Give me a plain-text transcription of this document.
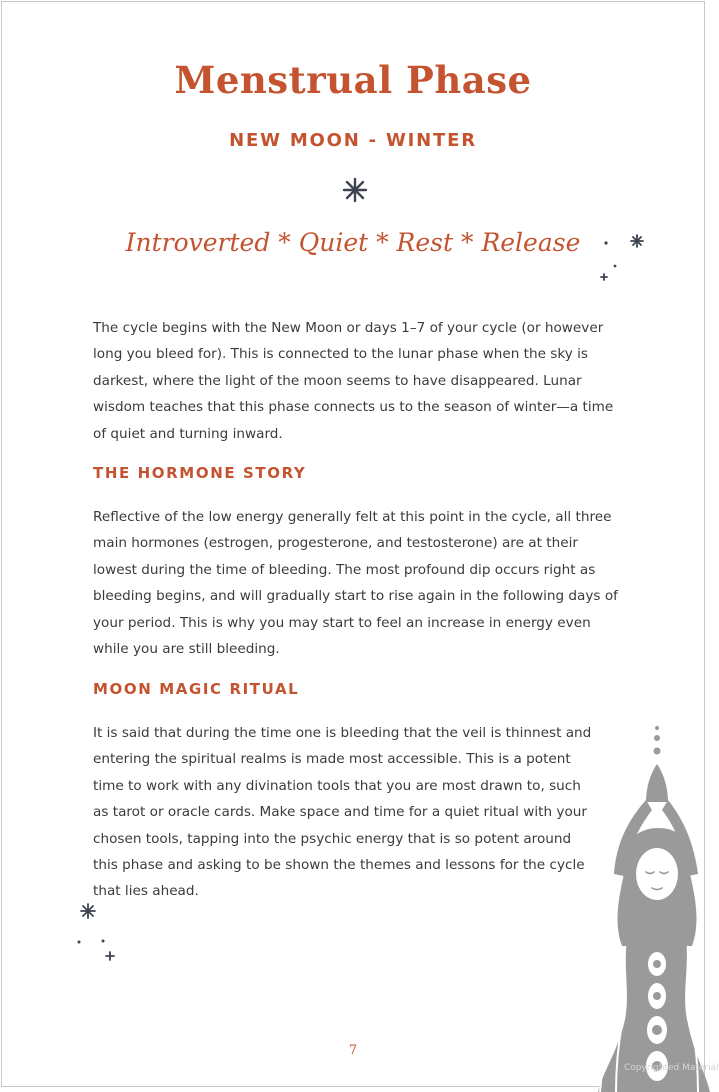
Menstrual Phase
NEW MOON - WINTER
Introverted * Quiet * Rest * Release

The cycle begins with the New Moon or days 1–7 of your cycle (or however long you bleed for). This is connected to the lunar phase when the sky is darkest, where the light of the moon seems to have disappeared. Lunar wisdom teaches that this phase connects us to the season of winter—a time of quiet and turning inward.

THE HORMONE STORY

Reflective of the low energy generally felt at this point in the cycle, all three main hormones (estrogen, progesterone, and testosterone) are at their lowest during the time of bleeding. The most profound dip occurs right as bleeding begins, and will gradually start to rise again in the following days of your period. This is why you may start to feel an increase in energy even while you are still bleeding.

MOON MAGIC RITUAL

It is said that during the time one is bleeding that the veil is thinnest and entering the spiritual realms is made most accessible. This is a potent time to work with any divination tools that you are most drawn to, such as tarot or oracle cards. Make space and time for a quiet ritual with your chosen tools, tapping into the psychic energy that is so potent around this phase and asking to be shown the themes and lessons for the cycle that lies ahead.

7
Copyrighted Material
